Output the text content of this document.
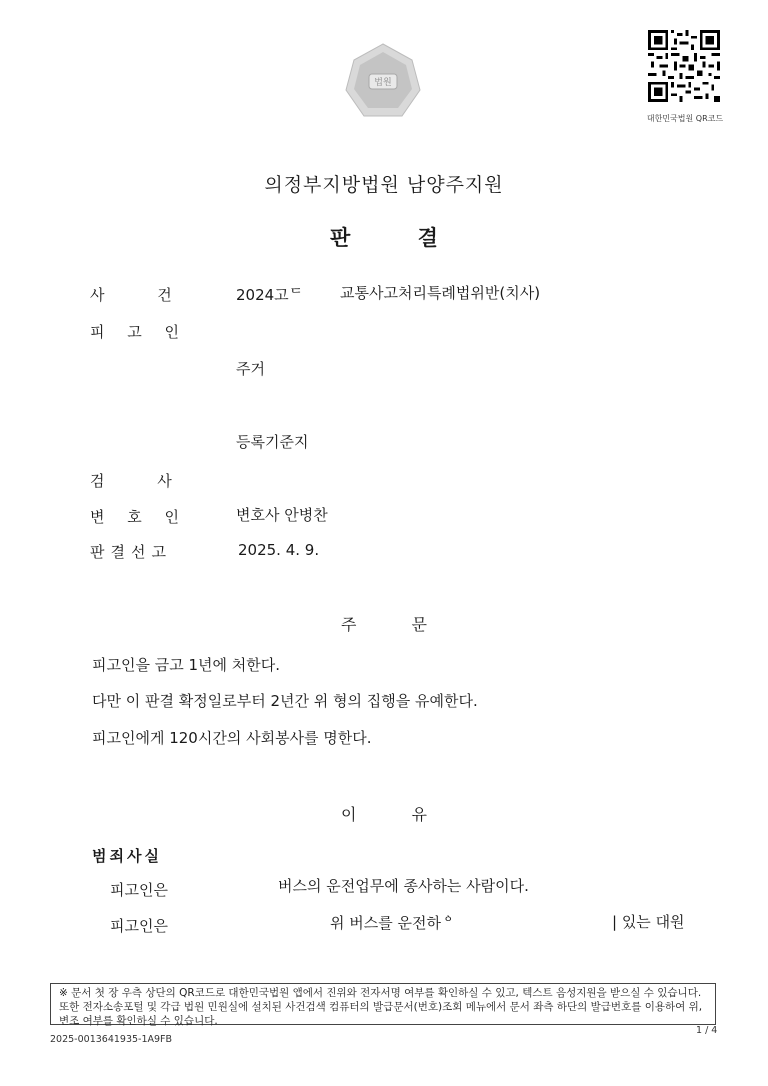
법원
대한민국법원 QR코드
의정부지방법원 남양주지원
판 결
사 건	2024고ᄃ 교통사고처리특례법위반(치사)
피 고 인
주거
등록기준지
검 사
변 호 인	변호사 안병찬
판결선고	2025. 4. 9.
주 문
피고인을 금고 1년에 처한다.
다만 이 판결 확정일로부터 2년간 위 형의 집행을 유예한다.
피고인에게 120시간의 사회봉사를 명한다.
이 유
범죄사실
피고인은	버스의 운전업무에 종사하는 사람이다.
피고인은	위 버스를 운전하ᅌ	| 있는 대원
※ 문서 첫 장 우측 상단의 QR코드로 대한민국법원 앱에서 진위와 전자서명 여부를 확인하실 수 있고, 텍스트 음성지원을 받으실 수 있습니다. 또한 전자소송포털 및 각급 법원 민원실에 설치된 사건검색 컴퓨터의 발급문서(번호)조회 메뉴에서 문서 좌측 하단의 발급번호를 이용하여 위,변조 여부를 확인하실 수 있습니다.
2025-0013641935-1A9FB
1 / 4
